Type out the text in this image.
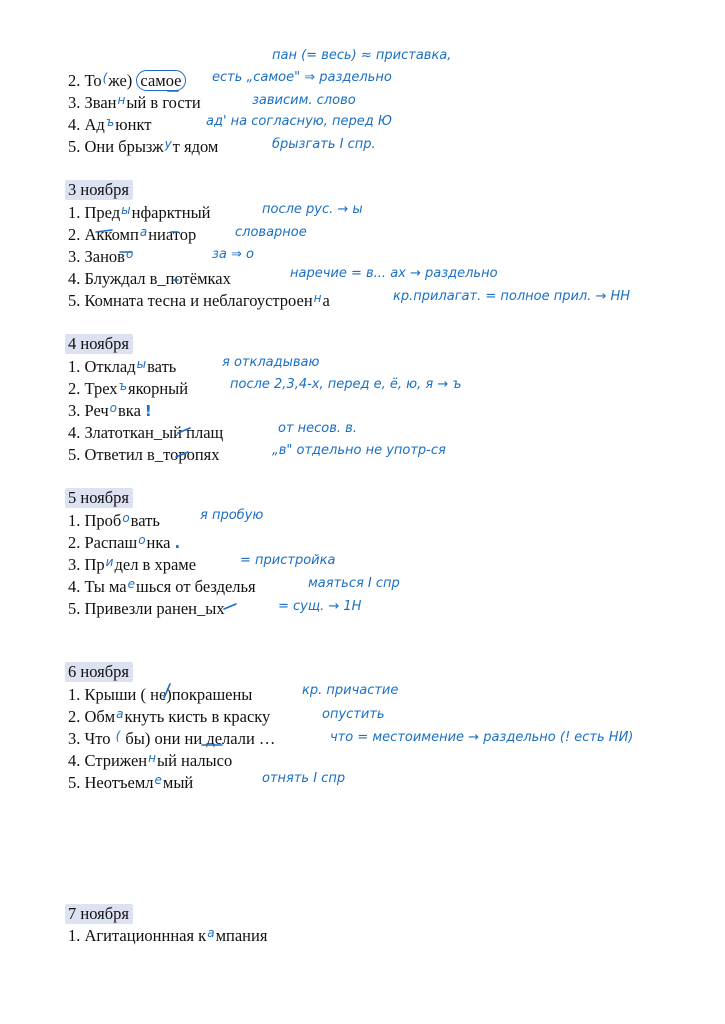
пан (= весь) ≈ приставка,
2. То(же) самое	есть „самое" ⇒ раздельно
3. Зван$^н$ый в гости	зависим. слово
4. $Ад^ъюнкт$	ад' на согласную, перед Ю
5. Они брызж$^у$т ядом	брызгать I спр.
3 ноября
1. Пред$^ы$нфарктный	после рус. → ы
2. Аккомп$^а$ниатор	словарное
3. Занов$^о$	за ⇒ о
4. Блуждал в_потёмках	наречие = в... ах → раздельно
5. Комната тесна и неблагоустроен$^н$а	кр.прилагат. = полное прил. → НН
4 ноября
1. Отклад$^ы$вать	я откладываю
2. Трех$^ъ$якорный	после 2,3,4-х, перед е, ё, ю, я → ъ
3. Реч$^о$вка !
4. Златоткан_ый плащ	от несов. в.
5. Ответил в_торопях	„в" отдельно не употр-ся
5 ноября
1. Проб$^о$вать	я пробую
2. Распаш$^о$нка .
3. $Пр^идел$ в храме	= пристройка
4. Ты $ма^ешься$ от безделья	маяться I спр
5. Привезли ранен_ых	= сущ. → 1Н
6 ноября
1. Крыши ( не)покрашены	кр. причастие
2. Обм$^а$кнуть кисть в краску	опустить
3. Что ( бы) они ни делали …	что = местоимение → раздельно (! есть НИ)
4. Стрижен$^н$ый налысо
5. Неотъемл$^е$мый	отнять I спр
7 ноября
1. Агитационнная $к^ампания$
